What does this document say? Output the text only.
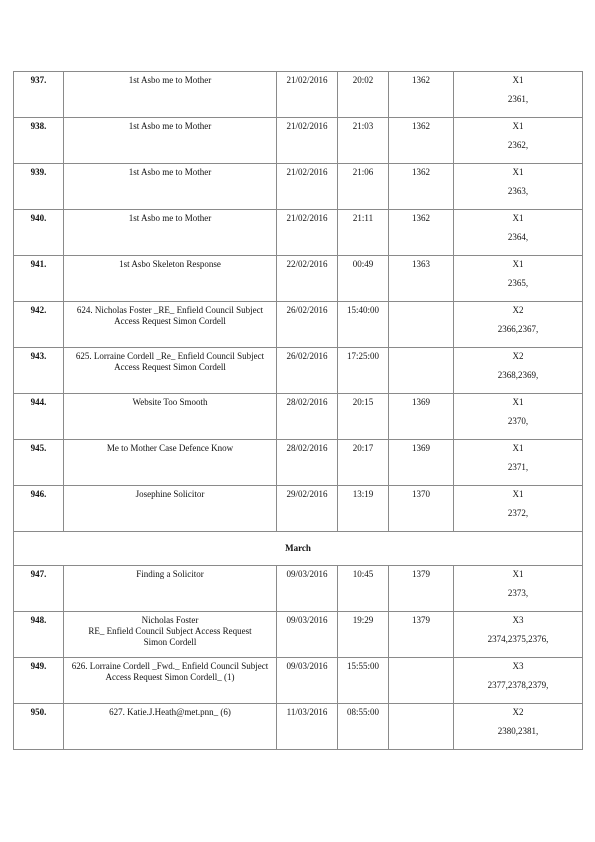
937.	1st Asbo me to Mother	21/02/2016	20:02	1362	X1
2361,

938.	1st Asbo me to Mother	21/02/2016	21:03	1362	X1
2362,

939.	1st Asbo me to Mother	21/02/2016	21:06	1362	X1
2363,

940.	1st Asbo me to Mother	21/02/2016	21:11	1362	X1
2364,

941.	1st Asbo Skeleton Response	22/02/2016	00:49	1363	X1
2365,

942.	624. Nicholas Foster _RE_ Enfield Council Subject Access Request Simon Cordell	26/02/2016	15:40:00		X2
2366,2367,

943.	625. Lorraine Cordell _Re_ Enfield Council Subject Access Request Simon Cordell	26/02/2016	17:25:00		X2
2368,2369,

944.	Website Too Smooth	28/02/2016	20:15	1369	X1
2370,

945.	Me to Mother Case Defence Know	28/02/2016	20:17	1369	X1
2371,

946.	Josephine Solicitor	29/02/2016	13:19	1370	X1
2372,

March					
947.	Finding a Solicitor	09/03/2016	10:45	1379	X1
2373,

948.	Nicholas Foster
RE_ Enfield Council Subject Access Request
Simon Cordell	09/03/2016	19:29	1379	X3
2374,2375,2376,

949.	626. Lorraine Cordell _Fwd._ Enfield Council Subject Access Request Simon Cordell_ (1)	09/03/2016	15:55:00		X3
2377,2378,2379,

950.	627. Katie.J.Heath@met.pnn_ (6)	11/03/2016	08:55:00		X2
2380,2381,
